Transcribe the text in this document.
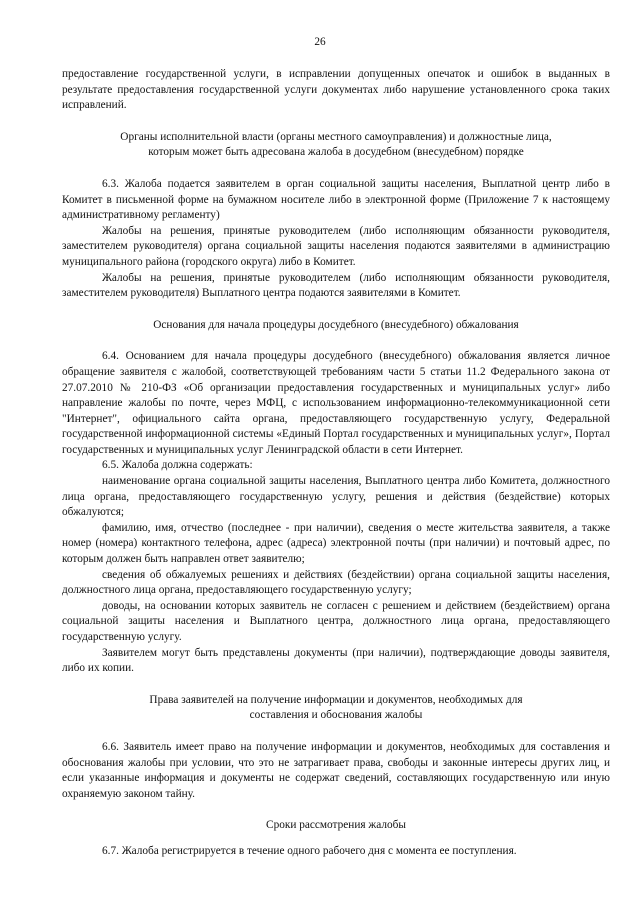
26

предоставление государственной услуги, в исправлении допущенных опечаток и ошибок в выданных в результате предоставления государственной услуги документах либо нарушение установленного срока таких исправлений.

Органы исполнительной власти (органы местного самоуправления) и должностные лица, которым может быть адресована жалоба в досудебном (внесудебном) порядке

6.3. Жалоба подается заявителем в орган социальной защиты населения, Выплатной центр либо в Комитет в письменной форме на бумажном носителе либо в электронной форме (Приложение 7 к настоящему административному регламенту)

Жалобы на решения, принятые руководителем (либо исполняющим обязанности руководителя, заместителем руководителя) органа социальной защиты населения подаются заявителями в администрацию муниципального района (городского округа) либо в Комитет.

Жалобы на решения, принятые руководителем (либо исполняющим обязанности руководителя, заместителем руководителя) Выплатного центра подаются заявителями в Комитет.

Основания для начала процедуры досудебного (внесудебного) обжалования

6.4. Основанием для начала процедуры досудебного (внесудебного) обжалования является личное обращение заявителя с жалобой, соответствующей требованиям части 5 статьи 11.2 Федерального закона от 27.07.2010 № 210-ФЗ «Об организации предоставления государственных и муниципальных услуг» либо направление жалобы по почте, через МФЦ, с использованием информационно-телекоммуникационной сети "Интернет", официального сайта органа, предоставляющего государственную услугу, Федеральной государственной информационной системы «Единый Портал государственных и муниципальных услуг», Портал государственных и муниципальных услуг Ленинградской области в сети Интернет.

6.5. Жалоба должна содержать:

наименование органа социальной защиты населения, Выплатного центра либо Комитета, должностного лица органа, предоставляющего государственную услугу, решения и действия (бездействие) которых обжалуются;

фамилию, имя, отчество (последнее - при наличии), сведения о месте жительства заявителя, а также номер (номера) контактного телефона, адрес (адреса) электронной почты (при наличии) и почтовый адрес, по которым должен быть направлен ответ заявителю;

сведения об обжалуемых решениях и действиях (бездействии) органа социальной защиты населения, должностного лица органа, предоставляющего государственную услугу;

доводы, на основании которых заявитель не согласен с решением и действием (бездействием) органа социальной защиты населения и Выплатного центра, должностного лица органа, предоставляющего государственную услугу.

Заявителем могут быть представлены документы (при наличии), подтверждающие доводы заявителя, либо их копии.

Права заявителей на получение информации и документов, необходимых для составления и обоснования жалобы

6.6. Заявитель имеет право на получение информации и документов, необходимых для составления и обоснования жалобы при условии, что это не затрагивает права, свободы и законные интересы других лиц, и если указанные информация и документы не содержат сведений, составляющих государственную или иную охраняемую законом тайну.

Сроки рассмотрения жалобы

6.7. Жалоба регистрируется в течение одного рабочего дня с момента ее поступления.
